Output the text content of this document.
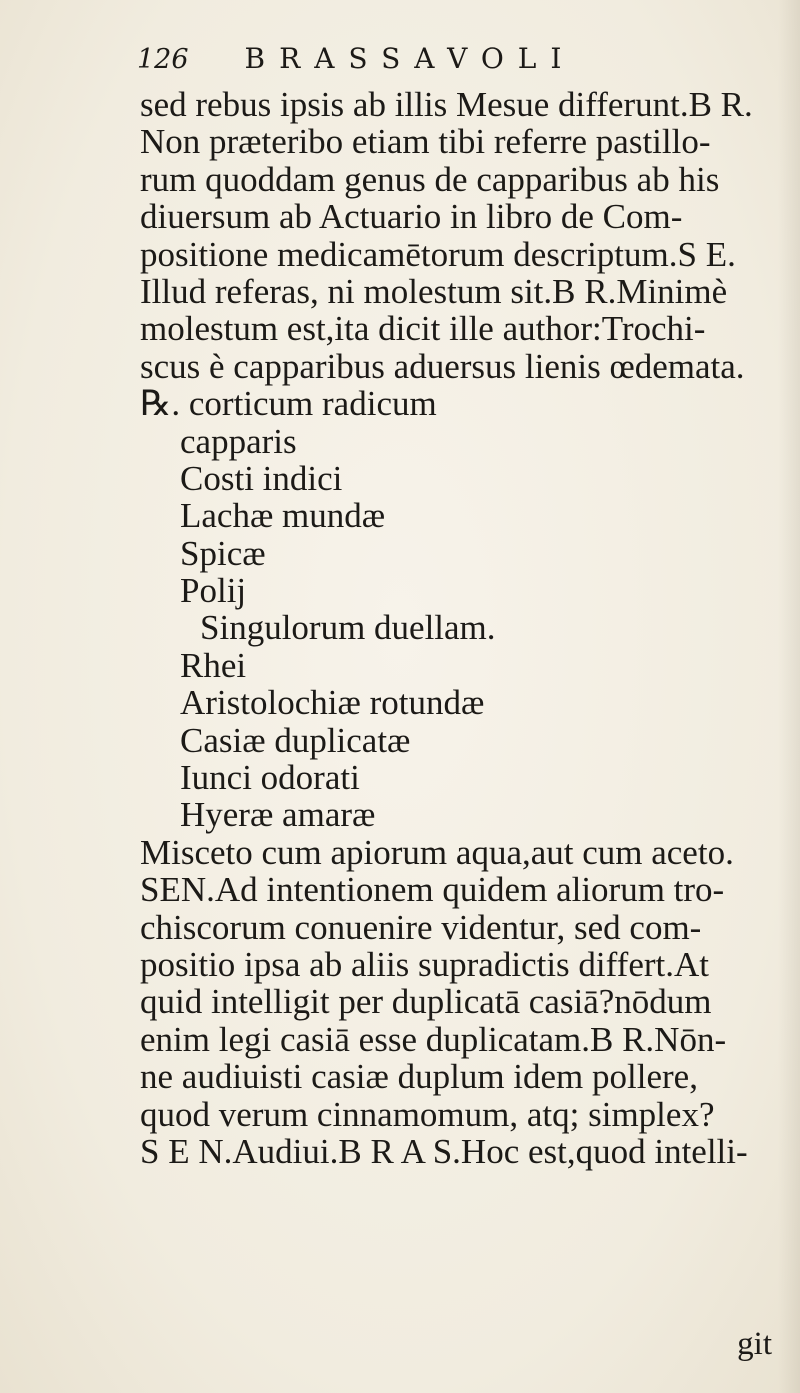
126 BRASSAVOLI
sed rebus ipsis ab illis Mesue differunt.B R.
Non præteribo etiam tibi referre pastillo-
rum quoddam genus de capparibus ab his
diuersum ab Actuario in libro de Com-
positione medicamētorum descriptum.S E.
Illud referas, ni molestum sit.B R.Minimè
molestum est,ita dicit ille author:Trochi-
scus è capparibus aduersus lienis œdemata.
℞. corticum radicum
capparis
Costi indici
Lachæ mundæ
Spicæ
Polij
Singulorum duellam.
Rhei
Aristolochiæ rotundæ
Casiæ duplicatæ
Iunci odorati
Hyeræ amaræ
Misceto cum apiorum aqua,aut cum aceto.
SEN.Ad intentionem quidem aliorum tro-
chiscorum conuenire videntur, sed com-
positio ipsa ab aliis supradictis differt.At
quid intelligit per duplicatā casiā?nōdum
enim legi casiā esse duplicatam.B R.Nōn-
ne audiuisti casiæ duplum idem pollere,
quod verum cinnamomum, atq; simplex?
S E N.Audiui.B R A S.Hoc est,quod intelli-
git
